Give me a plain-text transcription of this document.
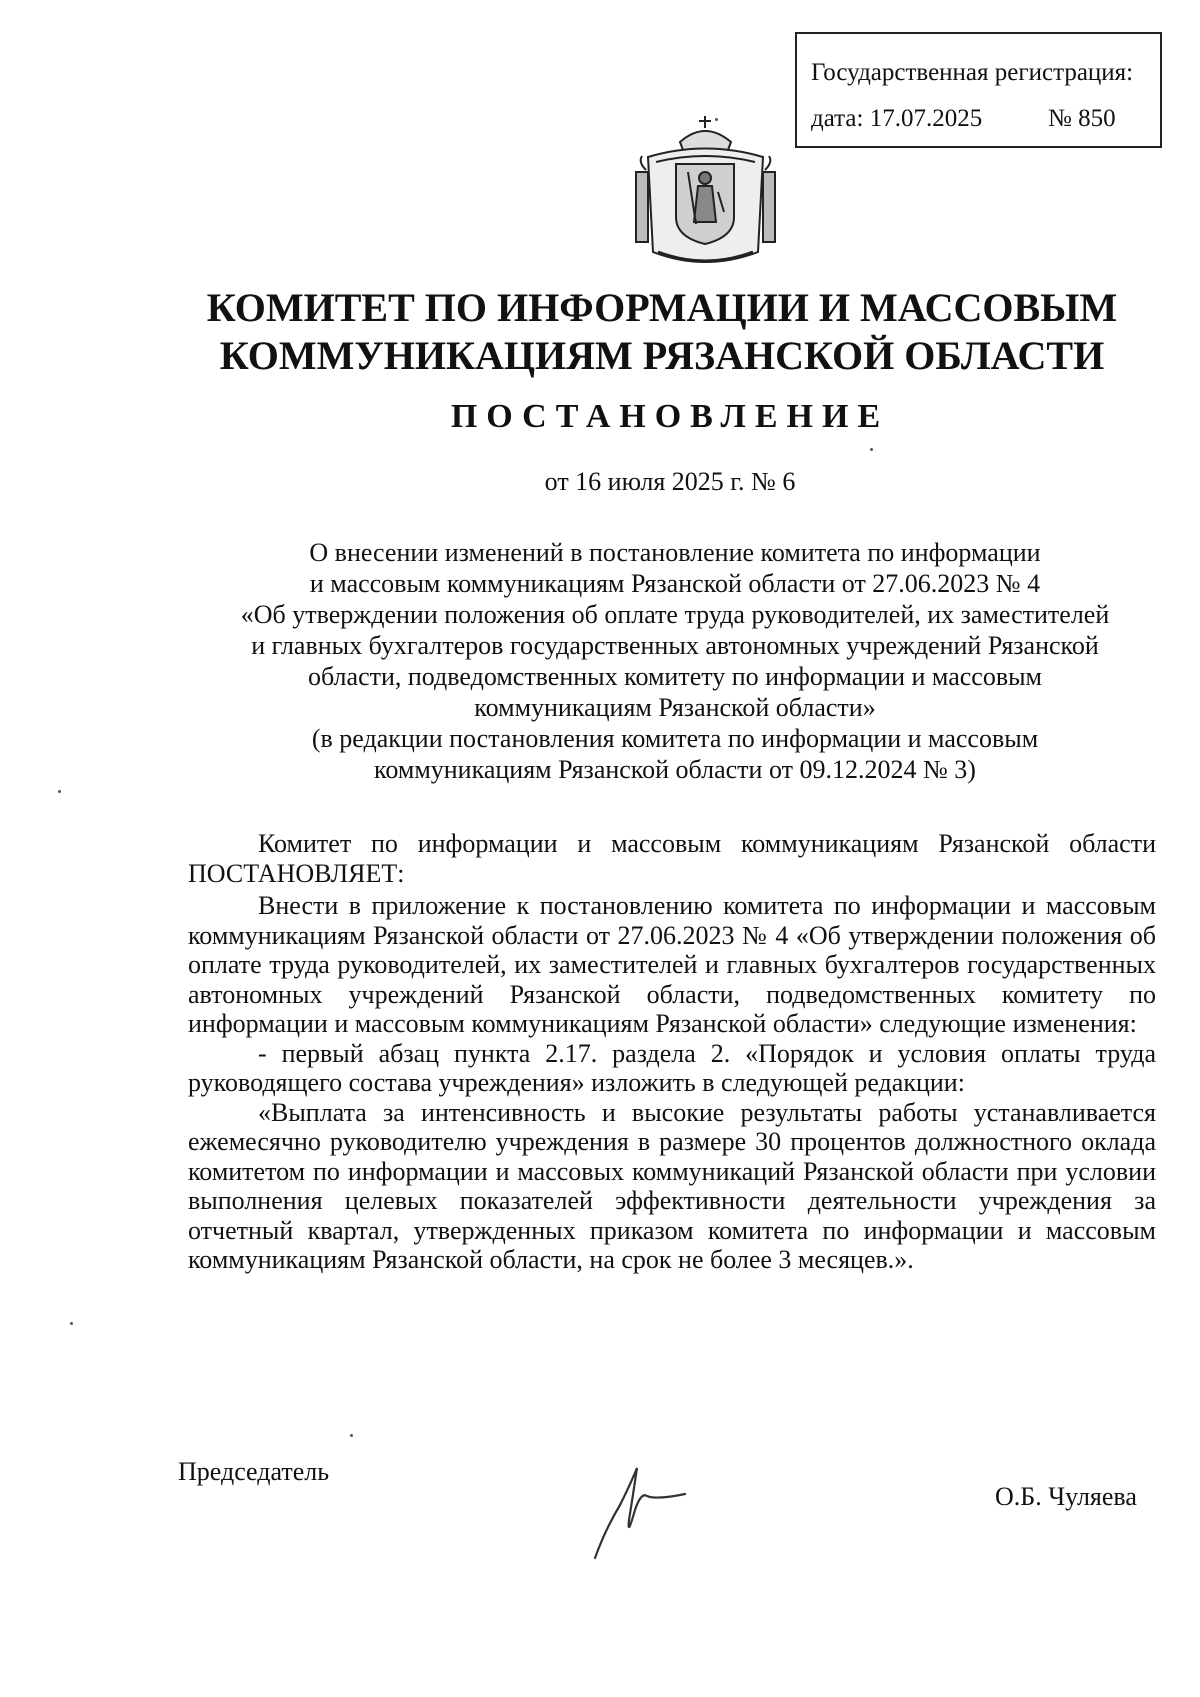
Государственная регистрация:
дата: 17.07.2025	№ 850
КОМИТЕТ ПО ИНФОРМАЦИИ И МАССОВЫМ
КОММУНИКАЦИЯМ РЯЗАНСКОЙ ОБЛАСТИ
ПОСТАНОВЛЕНИЕ
от 16 июля 2025 г. № 6
О внесении изменений в постановление комитета по информации
и массовым коммуникациям Рязанской области от 27.06.2023 № 4
«Об утверждении положения об оплате труда руководителей, их заместителей
и главных бухгалтеров государственных автономных учреждений Рязанской
области, подведомственных комитету по информации и массовым
коммуникациям Рязанской области»
(в редакции постановления комитета по информации и массовым
коммуникациям Рязанской области от 09.12.2024 № 3)

Комитет по информации и массовым коммуникациям Рязанской области ПОСТАНОВЛЯЕТ:

Внести в приложение к постановлению комитета по информации и массовым коммуникациям Рязанской области от 27.06.2023 № 4 «Об утверждении положения об оплате труда руководителей, их заместителей и главных бухгалтеров государственных автономных учреждений Рязанской области, подведомственных комитету по информации и массовым коммуникациям Рязанской области» следующие изменения:

- первый абзац пункта 2.17. раздела 2. «Порядок и условия оплаты труда руководящего состава учреждения» изложить в следующей редакции:

«Выплата за интенсивность и высокие результаты работы устанавливается ежемесячно руководителю учреждения в размере 30 процентов должностного оклада комитетом по информации и массовых коммуникаций Рязанской области при условии выполнения целевых показателей эффективности деятельности учреждения за отчетный квартал, утвержденных приказом комитета по информации и массовым коммуникациям Рязанской области, на срок не более 3 месяцев.».

Председатель
О.Б. Чуляева
